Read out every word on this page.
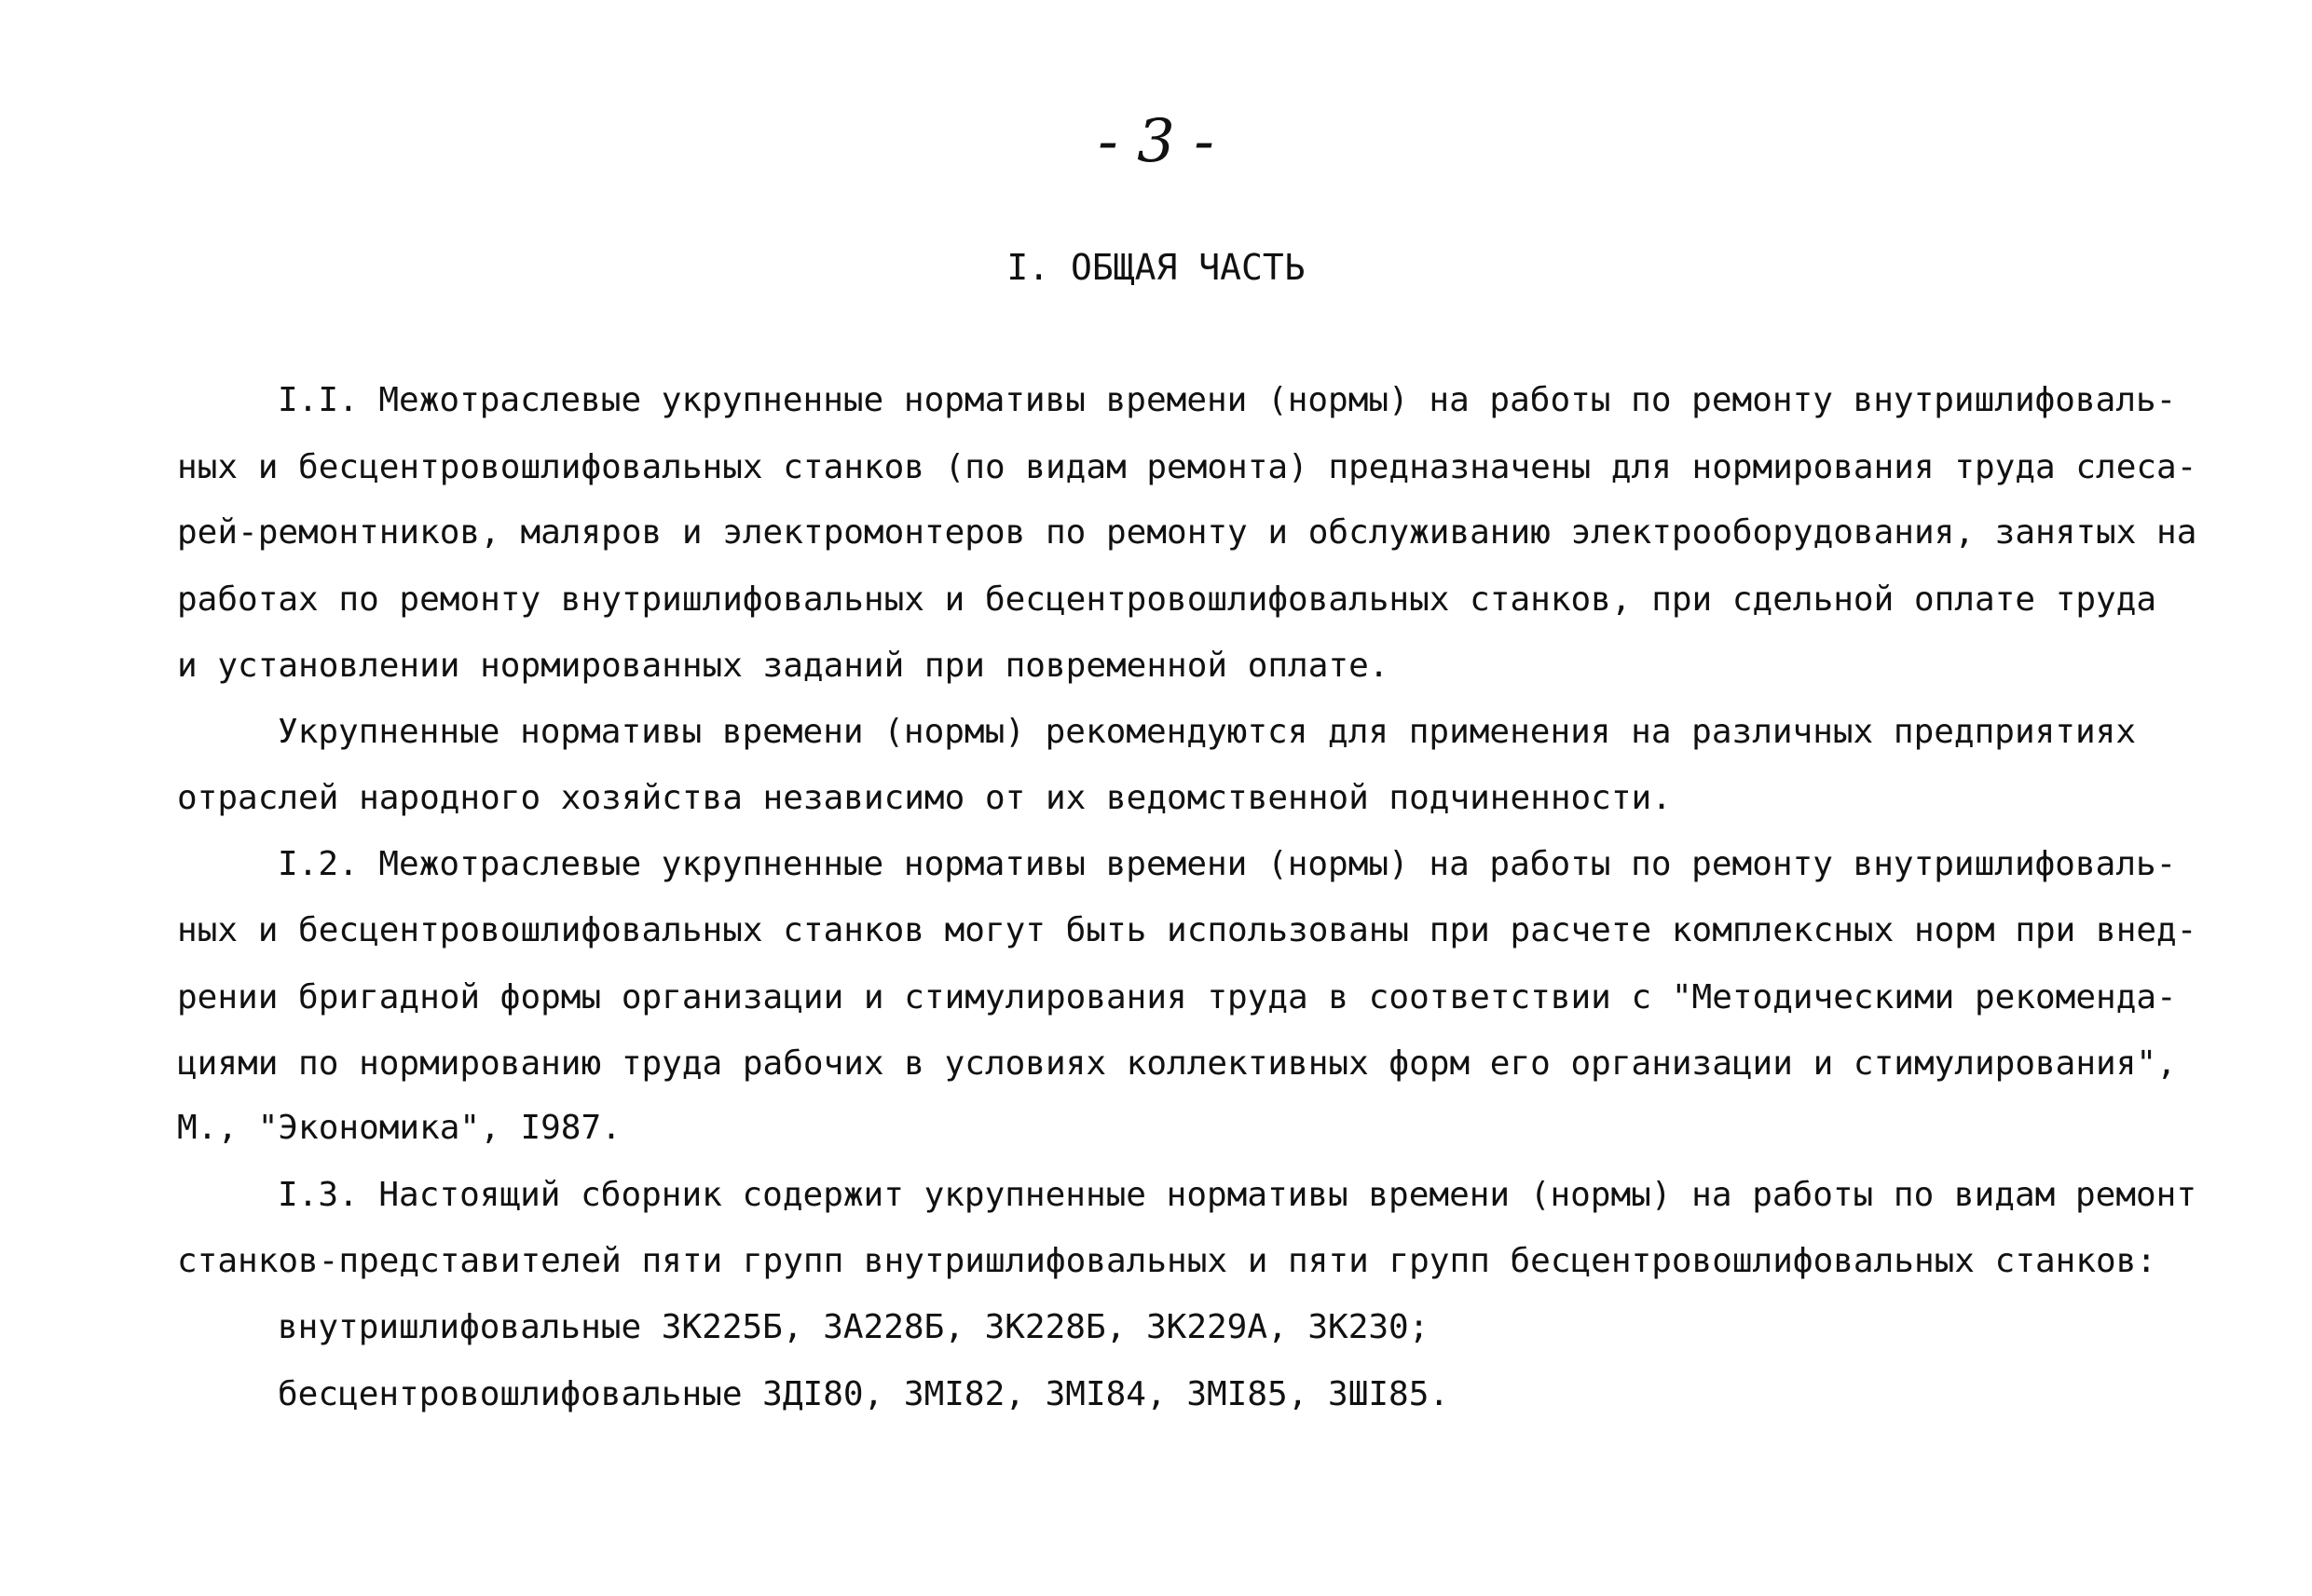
- 3 -
I. ОБЩАЯ ЧАСТЬ
I.I. Межотраслевые укрупненные нормативы времени (нормы) на работы по ремонту внутришлифоваль-
ных и бесцентровошлифовальных станков (по видам ремонта) предназначены для нормирования труда слеса-
рей-ремонтников, маляров и электромонтеров по ремонту и обслуживанию электрооборудования, занятых на
работах по ремонту внутришлифовальных и бесцентровошлифовальных станков, при сдельной оплате труда
и установлении нормированных заданий при повременной оплате.
Укрупненные нормативы времени (нормы) рекомендуются для применения на различных предприятиях
отраслей народного хозяйства независимо от их ведомственной подчиненности.
I.2. Межотраслевые укрупненные нормативы времени (нормы) на работы по ремонту внутришлифоваль-
ных и бесцентровошлифовальных станков могут быть использованы при расчете комплексных норм при внед-
рении бригадной формы организации и стимулирования труда в соответствии с "Методическими рекоменда-
циями по нормированию труда рабочих в условиях коллективных форм его организации и стимулирования",
М., "Экономика", I987.
I.3. Настоящий сборник содержит укрупненные нормативы времени (нормы) на работы по видам ремонт
станков-представителей пяти групп внутришлифовальных и пяти групп бесцентровошлифовальных станков:
внутришлифовальные 3К225Б, 3А228Б, 3К228Б, 3К229А, 3К230;
бесцентровошлифовальные 3ДI80, 3МI82, 3МI84, 3МI85, 3ШI85.
